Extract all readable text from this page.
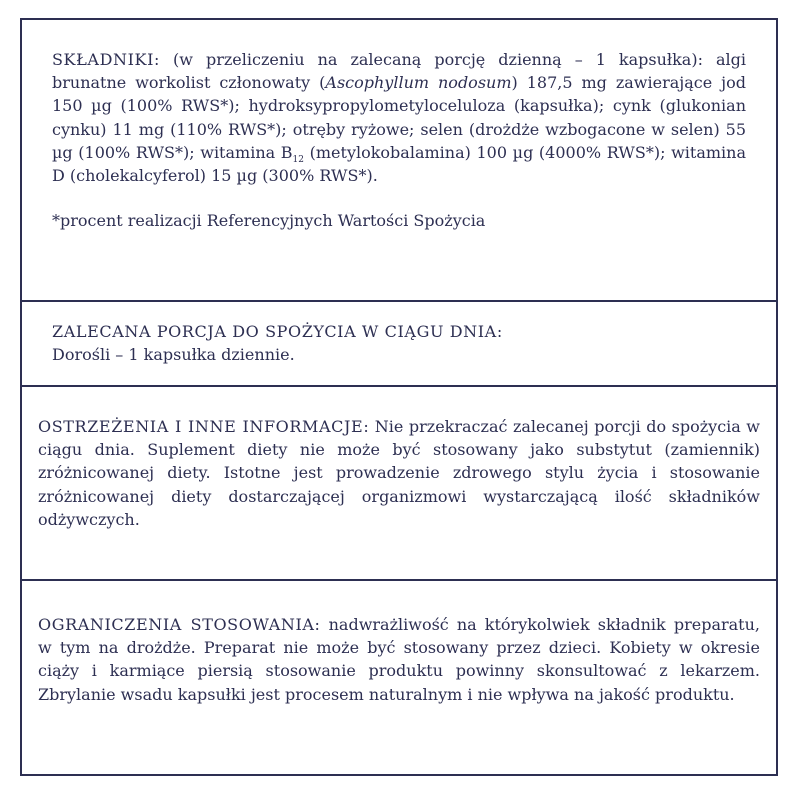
SKŁADNIKI: (w przeliczeniu na zalecaną porcję dzienną – 1 kapsułka): algi brunatne workolist członowaty (Ascophyllum nodosum) 187,5 mg zawierające jod 150 µg (100% RWS*); hydroksypropylometyloceluloza (kapsułka); cynk (glukonian cynku) 11 mg (110% RWS*); otręby ryżowe; selen (drożdże wzbogacone w selen) 55 µg (100% RWS*); witamina $B_{12}$ (metylokobalamina) 100 µg (4000% RWS*); witamina D (cholekalcyferol) 15 µg (300% RWS*).

*procent realizacji Referencyjnych Wartości Spożycia

ZALECANA PORCJA DO SPOŻYCIA W CIĄGU DNIA:

Dorośli – 1 kapsułka dziennie.

OSTRZEŻENIA I INNE INFORMACJE: Nie przekraczać zalecanej porcji do spożycia w ciągu dnia. Suplement diety nie może być stosowany jako substytut (zamiennik) zróżnicowanej diety. Istotne jest prowadzenie zdrowego stylu życia i stosowanie zróżnicowanej diety dostarczającej organizmowi wystarczającą ilość składników odżywczych.

OGRANICZENIA STOSOWANIA: nadwrażliwość na którykolwiek składnik preparatu, w tym na drożdże. Preparat nie może być stosowany przez dzieci. Kobiety w okresie ciąży i karmiące piersią stosowanie produktu powinny skonsultować z lekarzem. Zbrylanie wsadu kapsułki jest procesem naturalnym i nie wpływa na jakość produktu.
